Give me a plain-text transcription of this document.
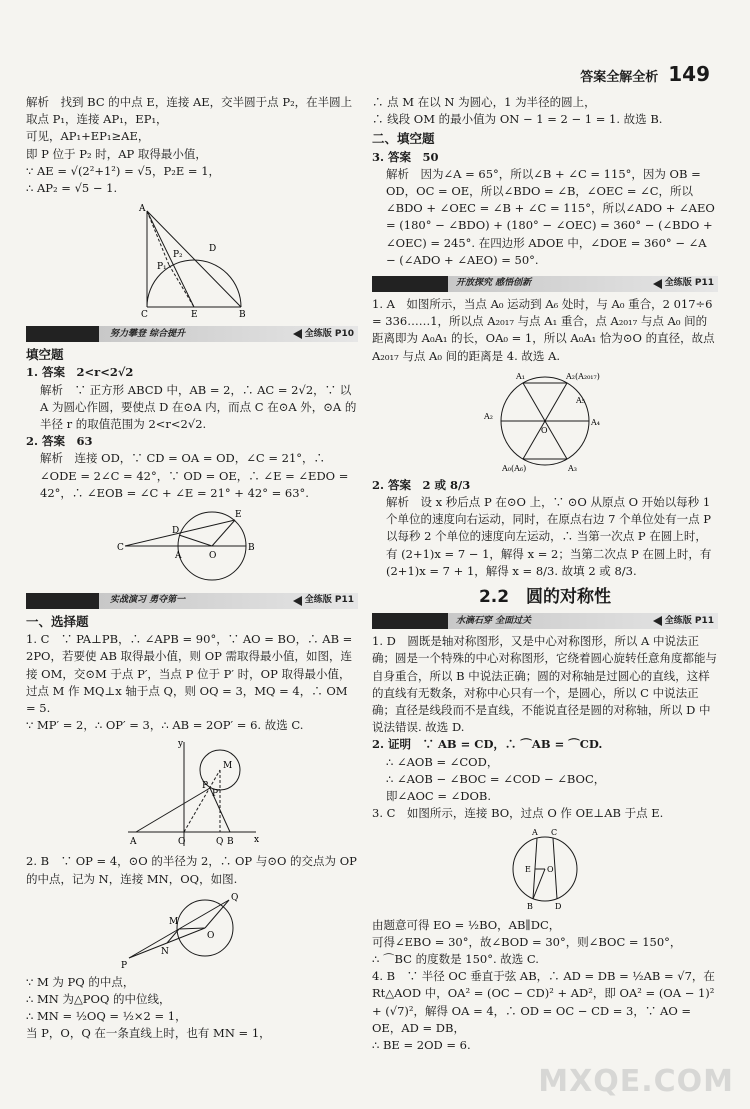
答案全解全析 149

解析　找到 BC 的中点 E，连接 AE，交半圆于点 P₂，在半圆上取点 P₁，连接 AP₁，EP₁，

可见，AP₁+EP₁≥AE，

即 P 位于 P₂ 时，AP 取得最小值，

∵ AE = √(2²+1²) = √5，P₂E = 1，

∴ AP₂ = √5 − 1.

A
P₁
P₂
D
C	E	B
努力攀登 综合提升	全练版 P10

填空题

1. 答案　2<r<2√2

解析　∵ 正方形 ABCD 中，AB = 2，∴ AC = 2√2，∵ 以 A 为圆心作圆，要使点 D 在⊙A 内，而点 C 在⊙A 外，⊙A 的半径 r 的取值范围为 2<r<2√2.

2. 答案　63

解析　连接 OD，∵ CD = OA = OD，∠C = 21°，∴ ∠ODE = 2∠C = 42°，∵ OD = OE，∴ ∠E = ∠EDO = 42°，∴ ∠EOB = ∠C + ∠E = 21° + 42° = 63°.

E
D
C
A	O
B
实战演习 勇夺第一	全练版 P11

一、选择题

1. C　∵ PA⊥PB，∴ ∠APB = 90°，∵ AO = BO，∴ AB = 2PO，若要使 AB 取得最小值，则 OP 需取得最小值，如图，连接 OM，交⊙M 于点 P′，当点 P 位于 P′ 时，OP 取得最小值，过点 M 作 MQ⊥x 轴于点 Q，则 OQ = 3，MQ = 4，∴ OM = 5.

∵ MP′ = 2，∴ OP′ = 3，∴ AB = 2OP′ = 6. 故选 C.

y
M
P
P′
A	O	Q B x

2. B　∵ OP = 4，⊙O 的半径为 2，∴ OP 与⊙O 的交点为 OP 的中点，记为 N，连接 MN，OQ，如图.

Q
M
O
N
P

∵ M 为 PQ 的中点，

∴ MN 为△POQ 的中位线，

∴ MN = ½OQ = ½×2 = 1，

当 P，O，Q 在一条直线上时，也有 MN = 1，

∴ 点 M 在以 N 为圆心，1 为半径的圆上，

∴ 线段 OM 的最小值为 ON − 1 = 2 − 1 = 1. 故选 B.

二、填空题

3. 答案　50

解析　因为∠A = 65°，所以∠B + ∠C = 115°，因为 OB = OD，OC = OE，所以∠BDO = ∠B，∠OEC = ∠C，所以∠BDO + ∠OEC = ∠B + ∠C = 115°，所以∠ADO + ∠AEO = (180° − ∠BDO) + (180° − ∠OEC) = 360° − (∠BDO + ∠OEC) = 245°. 在四边形 ADOE 中，∠DOE = 360° − ∠A − (∠ADO + ∠AEO) = 50°.

开放探究 感悟创新	全练版 P11

1. A　如图所示，当点 A₀ 运动到 A₆ 处时，与 A₀ 重合，2 017÷6 = 336……1，所以点 A₂₀₁₇ 与点 A₁ 重合，点 A₂₀₁₇ 与点 A₀ 间的距离即为 A₀A₁ 的长，OA₀ = 1，所以 A₀A₁ 恰为⊙O 的直径，故点 A₂₀₁₇ 与点 A₀ 间的距离是 4. 故选 A.

A₁	A₂(A₂₀₁₇)
A₂
O
A₄
A₅
A₀(A₆)	A₃

2. 答案　2 或 8/3

解析　设 x 秒后点 P 在⊙O 上，∵ ⊙O 从原点 O 开始以每秒 1 个单位的速度向右运动，同时，在原点右边 7 个单位处有一点 P 以每秒 2 个单位的速度向左运动，∴ 当第一次点 P 在圆上时，有 (2+1)x = 7 − 1，解得 x = 2；当第二次点 P 在圆上时，有 (2+1)x = 7 + 1，解得 x = 8/3. 故填 2 或 8/3.

2.2　圆的对称性

水滴石穿 全面过关	全练版 P11

1. D　圆既是轴对称图形，又是中心对称图形，所以 A 中说法正确；圆是一个特殊的中心对称图形，它绕着圆心旋转任意角度都能与自身重合，所以 B 中说法正确；圆的对称轴是过圆心的直线，这样的直线有无数条，对称中心只有一个，是圆心，所以 C 中说法正确；直径是线段而不是直线，不能说直径是圆的对称轴，所以 D 中说法错误. 故选 D.

2. 证明　∵ AB = CD，∴ ⌒AB = ⌒CD.

∴ ∠AOB = ∠COD，

∴ ∠AOB − ∠BOC = ∠COD − ∠BOC，

即∠AOC = ∠DOB.

3. C　如图所示，连接 BO，过点 O 作 OE⊥AB 于点 E.

A C
E O
B	D

由题意可得 EO = ½BO，AB∥DC，

可得∠EBO = 30°，故∠BOD = 30°，则∠BOC = 150°，

∴ ⌒BC 的度数是 150°. 故选 C.

4. B　∵ 半径 OC 垂直于弦 AB，∴ AD = DB = ½AB = √7，在 Rt△AOD 中，OA² = (OC − CD)² + AD²，即 OA² = (OA − 1)² + (√7)²，解得 OA = 4，∴ OD = OC − CD = 3，∵ AO = OE，AD = DB，

∴ BE = 2OD = 6.

MXQE.COM
